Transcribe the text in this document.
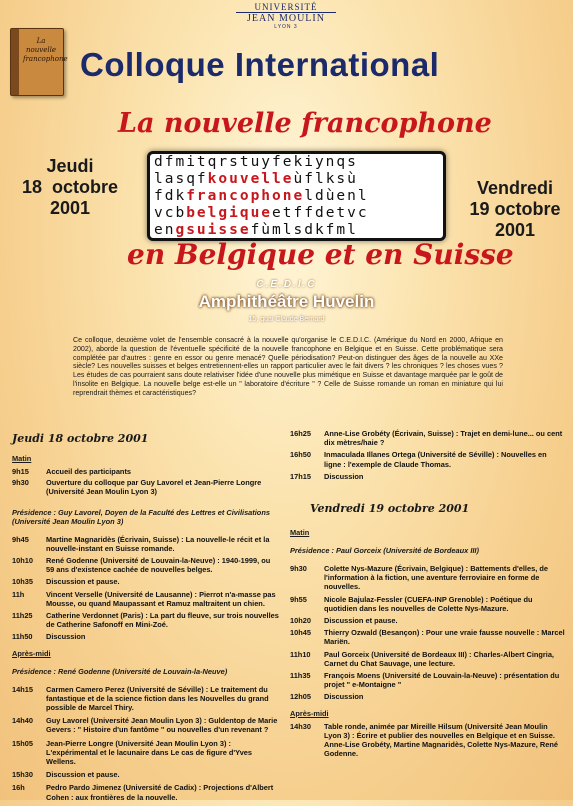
La nouvelle francophone
UNIVERSITÉ
JEAN MOULIN
LYON 3
Colloque International
La nouvelle francophone
Jeudi
18  octobre
2001
dfmitqrstuyfekiynqs
lasqfkouvelleùflksù
fdkfrancophoneldùenl
vcbbelgiqueetffdetvc
engsuissefùmlsdkfml
Vendredi
19 octobre
2001
en Belgique et en Suisse
C.E.D.I.C
Amphithéâtre Huvelin
15, quai Claude Bernard
Ce colloque, deuxième volet de l'ensemble consacré à la nouvelle qu'organise le C.E.D.I.C. (Amérique du Nord en 2000, Afrique en 2002), aborde la question de l'éventuelle spécificité de la nouvelle francophone en Belgique et en Suisse. Cette problématique sera complétée par d'autres : genre en essor ou genre menacé? Quelle périodisation? Peut-on distinguer des âges de la nouvelle au XXe siècle? Les nouvelles suisses et belges entretiennent-elles un rapport particulier avec le fait divers ? les chroniques ? les choses vues ? Les études de cas pourraient sans doute relativiser l'idée d'une nouvelle plus mimétique en Suisse et davantage marquée par le goût de l'insolite en Belgique. La nouvelle belge est-elle un " laboratoire d'écriture " ? Celle de Suisse romande un roman en miniature qui lui reprendrait thèmes et caractéristiques?
Jeudi 18 octobre 2001
Matin
9h15 Accueil des participants
9h30 Ouverture du colloque par Guy Lavorel et Jean-Pierre Longre (Université Jean Moulin Lyon 3)
Présidence : Guy Lavorel, Doyen de la Faculté des Lettres et Civilisations (Université Jean Moulin Lyon 3)
9h45 Martine Magnaridès (Écrivain, Suisse) : La nouvelle-le récit et la nouvelle-instant en Suisse romande.
10h10 René Godenne (Université de Louvain-la-Neuve) : 1940-1999, ou 59 ans d'existence cachée de nouvelles belges.
10h35 Discussion et pause.
11h	Vincent Verselle (Université de Lausanne) : Pierrot n'a-masse pas Mousse, ou quand Maupassant et Ramuz maltraitent un chien.
11h25 Catherine Verdonnet (Paris) : La part du fleuve, sur trois nouvelles de Catherine Safonoff en Mini-Zoé.
11h50 Discussion
Après-midi
Présidence : René Godenne (Université de Louvain-la-Neuve)
14h15 Carmen Camero Perez (Université de Séville) : Le traitement du fantastique et de la science fiction dans les Nouvelles du grand possible de Marcel Thiry.
14h40 Guy Lavorel (Université Jean Moulin Lyon 3) : Guldentop de Marie Gevers : " Histoire d'un fantôme " ou nouvelles d'un revenant ?
15h05 Jean-Pierre Longre (Université Jean Moulin Lyon 3) : L'expérimental et le lacunaire dans Le cas de figure d'Yves Wellens.
15h30 Discussion et pause.
16h	Pedro Pardo Jimenez (Université de Cadix) : Projections d'Albert Cohen : aux frontières de la nouvelle.
16h25 Anne-Lise Grobéty (Écrivain, Suisse) : Trajet en demi-lune... ou cent dix mètres/haie ?
16h50 Inmaculada Illanes Ortega (Université de Séville) : Nouvelles en ligne : l'exemple de Claude Thomas.
17h15 Discussion
Vendredi 19 octobre 2001
Matin
Présidence : Paul Gorceix (Université de Bordeaux III)
9h30 Colette Nys-Mazure (Écrivain, Belgique) : Battements d'elles, de l'information à la fiction, une aventure ferroviaire en forme de nouvelles.
9h55 Nicole Bajulaz-Fessler (CUEFA-INP Grenoble) : Poétique du quotidien dans les nouvelles de Colette Nys-Mazure.
10h20 Discussion et pause.
10h45 Thierry Ozwald (Besançon) : Pour une vraie fausse nouvelle : Marcel Mariën.
11h10 Paul Gorceix (Université de Bordeaux III) : Charles-Albert Cingria, Carnet du Chat Sauvage, une lecture.
11h35 François Moens (Université de Louvain-la-Neuve) : présentation du projet " e-Montaigne "
12h05 Discussion
Après-midi
14h30 Table ronde, animée par Mireille Hilsum (Université Jean Moulin Lyon 3) : Écrire et publier des nouvelles en Belgique et en Suisse. Anne-Lise Grobéty, Martine Magnaridès, Colette Nys-Mazure, René Godenne.
